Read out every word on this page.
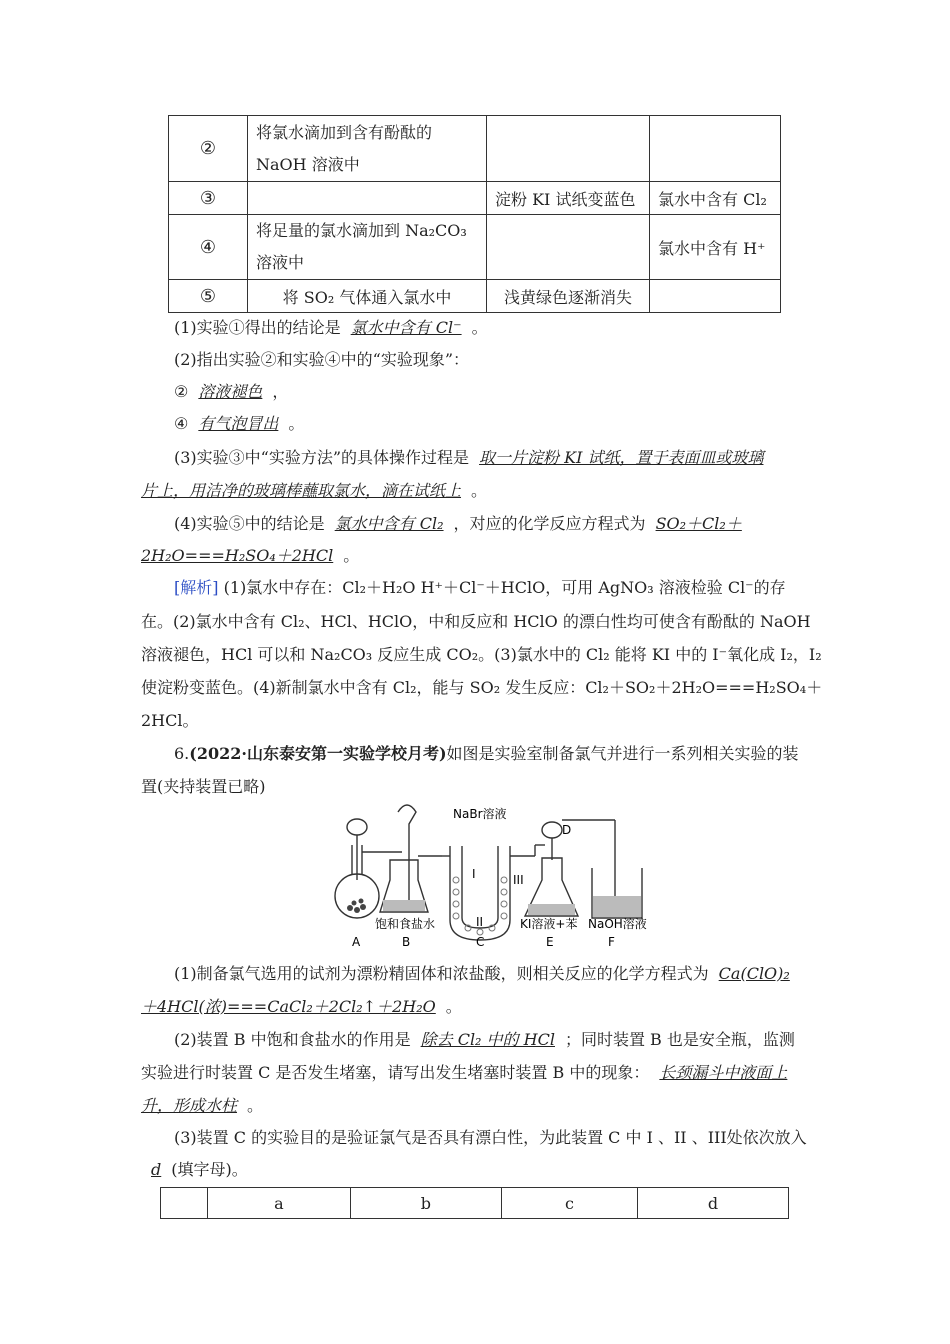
②	将氯水滴加到含有酚酞的NaOH 溶液中		

③		淀粉 KI 试纸变蓝色	氯水中含有 Cl₂
④	将足量的氯水滴加到 Na₂CO₃ 溶液中		氯水中含有 H⁺
⑤	将 SO₂ 气体通入氯水中	浅黄绿色逐渐消失	
(1)实验①得出的结论是 氯水中含有 Cl⁻ 。
(2)指出实验②和实验④中的“实验现象”：
② 溶液褪色 ，
④ 有气泡冒出 。
(3)实验③中“实验方法”的具体操作过程是 取一片淀粉 KI 试纸，置于表面皿或玻璃
片上，用洁净的玻璃棒蘸取氯水，滴在试纸上 。
(4)实验⑤中的结论是 氯水中含有 Cl₂ ，对应的化学反应方程式为 SO₂＋Cl₂＋
2H₂O===H₂SO₄＋2HCl 。
[解析] (1)氯水中存在：Cl₂＋H₂O H⁺＋Cl⁻＋HClO，可用 AgNO₃ 溶液检验 Cl⁻的存
在。(2)氯水中含有 Cl₂、HCl、HClO，中和反应和 HClO 的漂白性均可使含有酚酞的 NaOH
溶液褪色，HCl 可以和 Na₂CO₃ 反应生成 CO₂。(3)氯水中的 Cl₂ 能将 KI 中的 I⁻氧化成 I₂，I₂
使淀粉变蓝色。(4)新制氯水中含有 Cl₂，能与 SO₂ 发生反应：Cl₂＋SO₂＋2H₂O===H₂SO₄＋
2HCl。
6.(2022·山东泰安第一实验学校月考)如图是实验室制备氯气并进行一系列相关实验的装
置(夹持装置已略)
NaBr溶液
D
I	III
II
饱和食盐水	KI溶液+苯 NaOH溶液
A	B	C	E	F
(1)制备氯气选用的试剂为漂粉精固体和浓盐酸，则相关反应的化学方程式为 Ca(ClO)₂
＋4HCl(浓)===CaCl₂＋2Cl₂↑＋2H₂O 。
(2)装置 B 中饱和食盐水的作用是 除去 Cl₂ 中的 HCl ；同时装置 B 也是安全瓶，监测
实验进行时装置 C 是否发生堵塞，请写出发生堵塞时装置 B 中的现象： 长颈漏斗中液面上
升，形成水柱 。
(3)装置 C 的实验目的是验证氯气是否具有漂白性，为此装置 C 中 I 、II 、III处依次放入
d (填字母)。
	a	b	c	d
